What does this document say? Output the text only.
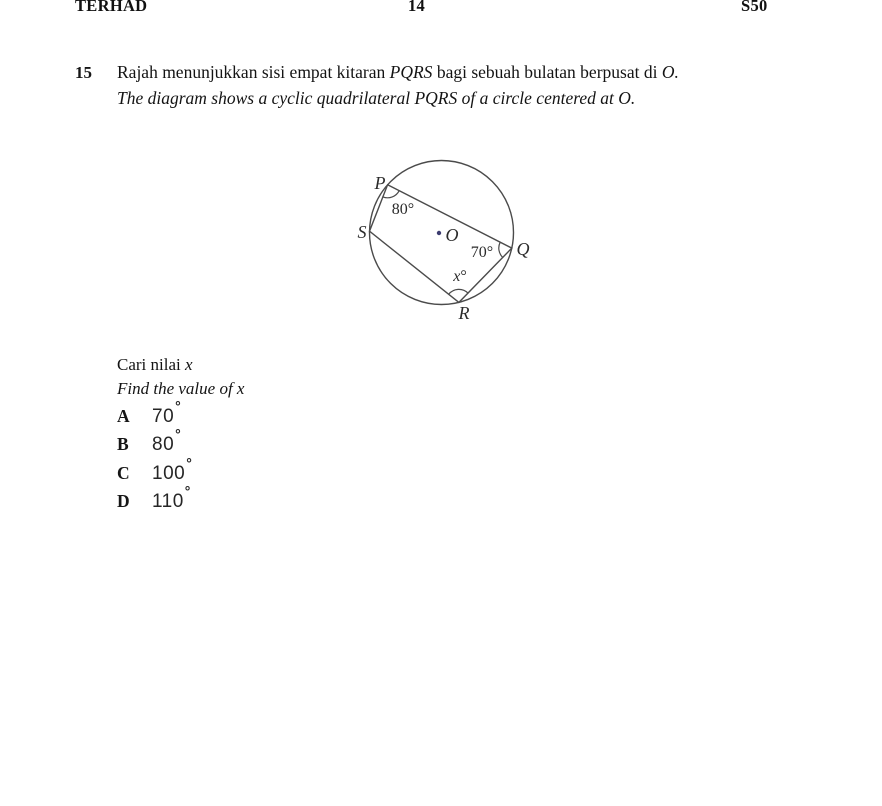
TERHAD	14	S50
15 Rajah menunjukkan sisi empat kitaran PQRS bagi sebuah bulatan berpusat di O.
The diagram shows a cyclic quadrilateral PQRS of a circle centered at O.
P
S
Q
R
O
80°
70°
x°
Cari nilai x
Find the value of x
A	70 °
B	80 °
C	100 °
D	110 °
